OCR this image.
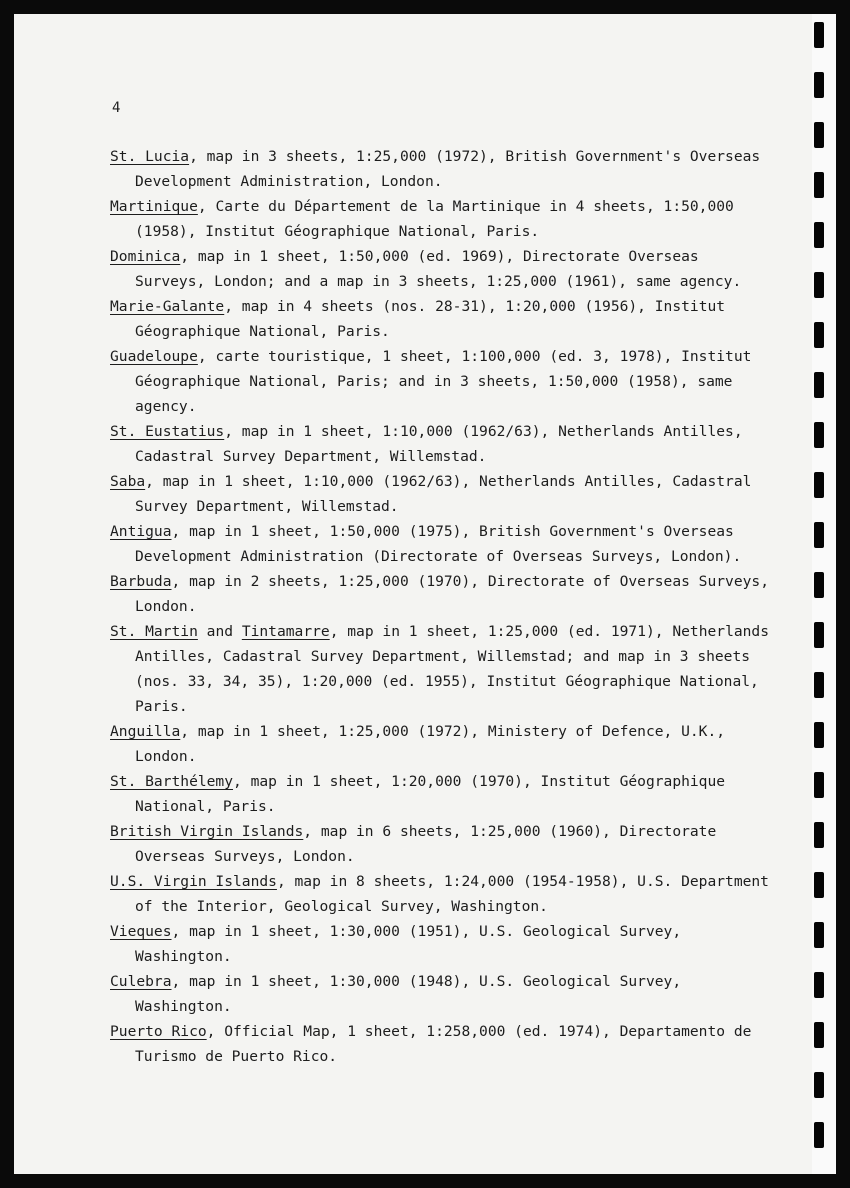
4

St. Lucia, map in 3 sheets, 1:25,000 (1972), British Government's Overseas Development Administration, London.

Martinique, Carte du Département de la Martinique in 4 sheets, 1:50,000 (1958), Institut Géographique National, Paris.

Dominica, map in 1 sheet, 1:50,000 (ed. 1969), Directorate Overseas Surveys, London; and a map in 3 sheets, 1:25,000 (1961), same agency.

Marie-Galante, map in 4 sheets (nos. 28-31), 1:20,000 (1956), Institut Géographique National, Paris.

Guadeloupe, carte touristique, 1 sheet, 1:100,000 (ed. 3, 1978), Institut Géographique National, Paris; and in 3 sheets, 1:50,000 (1958), same agency.

St. Eustatius, map in 1 sheet, 1:10,000 (1962/63), Netherlands Antilles, Cadastral Survey Department, Willemstad.

Saba, map in 1 sheet, 1:10,000 (1962/63), Netherlands Antilles, Cadastral Survey Department, Willemstad.

Antigua, map in 1 sheet, 1:50,000 (1975), British Government's Overseas Development Administration (Directorate of Overseas Surveys, London).

Barbuda, map in 2 sheets, 1:25,000 (1970), Directorate of Overseas Surveys, London.

St. Martin and Tintamarre, map in 1 sheet, 1:25,000 (ed. 1971), Netherlands Antilles, Cadastral Survey Department, Willemstad; and map in 3 sheets (nos. 33, 34, 35), 1:20,000 (ed. 1955), Institut Géographique National, Paris.

Anguilla, map in 1 sheet, 1:25,000 (1972), Ministery of Defence, U.K., London.

St. Barthélemy, map in 1 sheet, 1:20,000 (1970), Institut Géographique National, Paris.

British Virgin Islands, map in 6 sheets, 1:25,000 (1960), Directorate Overseas Surveys, London.

U.S. Virgin Islands, map in 8 sheets, 1:24,000 (1954-1958), U.S. Department of the Interior, Geological Survey, Washington.

Vieques, map in 1 sheet, 1:30,000 (1951), U.S. Geological Survey, Washington.

Culebra, map in 1 sheet, 1:30,000 (1948), U.S. Geological Survey, Washington.

Puerto Rico, Official Map, 1 sheet, 1:258,000 (ed. 1974), Departamento de Turismo de Puerto Rico.
